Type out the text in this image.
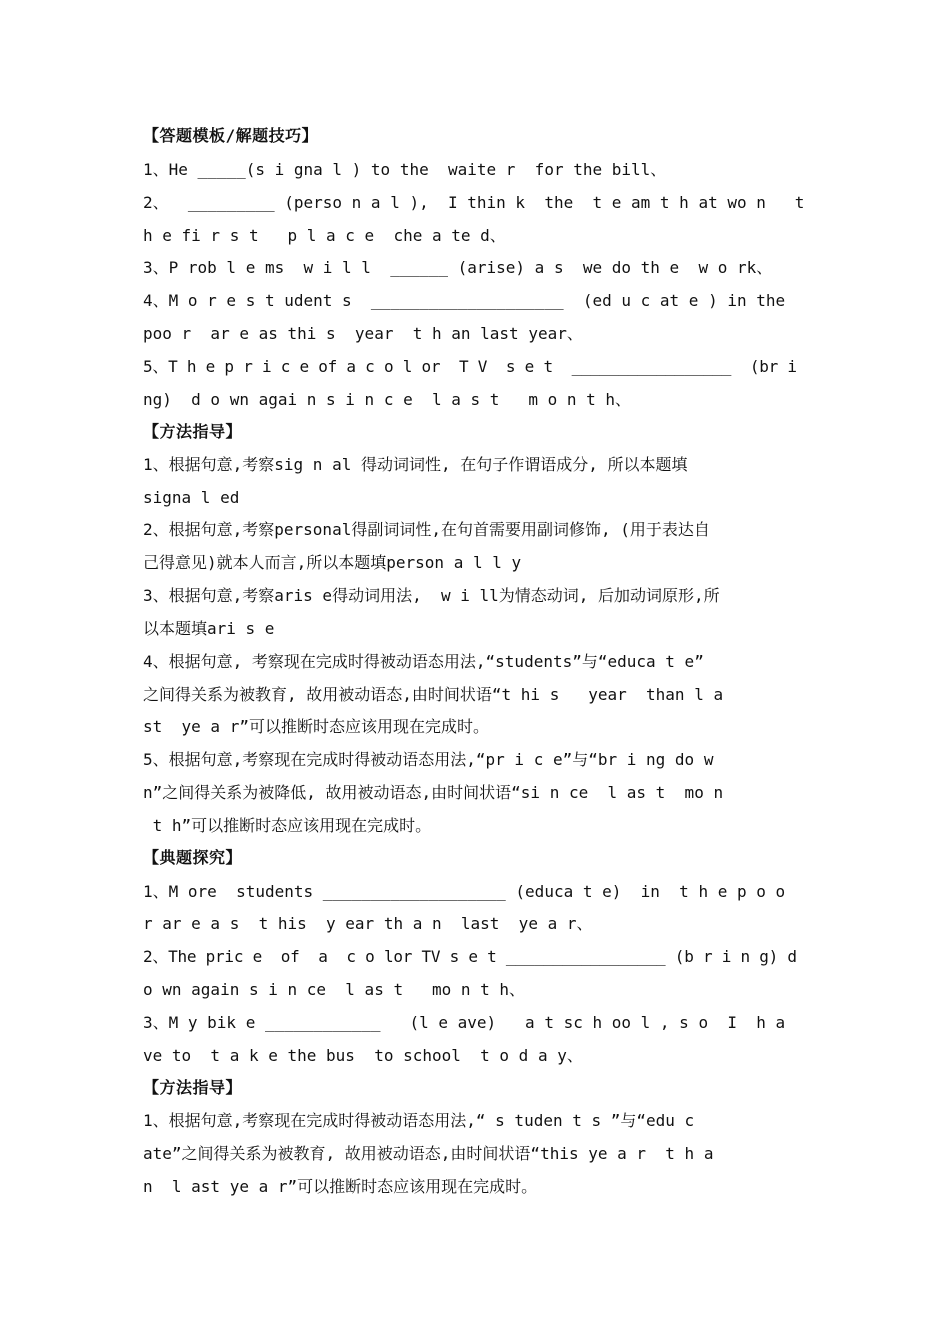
【答题模板/解题技巧】
1、He _____(s i gna l ) to the  waite r  for the bill、
2、  _________ (perso n a l ),  I thin k  the  t e am t h at wo n   t
h e fi r s t   p l a c e  che a te d、
3、P rob l e ms  w i l l  ______ (arise) a s  we do th e  w o rk、
4、M o r e s t udent s  ____________________  (ed u c at e ) in the
poo r  ar e as thi s  year  t h an last year、
5、T h e p r i c e of a c o l or  T V  s e t  _________________  (br i
ng)  d o wn agai n s i n c e  l a s t   m o n t h、
【方法指导】
1、根据句意,考察sig n al 得动词词性, 在句子作谓语成分, 所以本题填
signa l ed
2、根据句意,考察personal得副词词性,在句首需要用副词修饰, (用于表达自
己得意见)就本人而言,所以本题填person a l l y
3、根据句意,考察aris e得动词用法,  w i ll为情态动词, 后加动词原形,所
以本题填ari s e
4、根据句意, 考察现在完成时得被动语态用法,“students”与“educa t e”
之间得关系为被教育, 故用被动语态,由时间状语“t hi s   year  than l a
st  ye a r”可以推断时态应该用现在完成时。
5、根据句意,考察现在完成时得被动语态用法,“pr i c e”与“br i ng do w
n”之间得关系为被降低, 故用被动语态,由时间状语“si n ce  l as t  mo n
t h”可以推断时态应该用现在完成时。
【典题探究】
1、M ore  students ___________________ (educa t e)  in  t h e p o o
r ar e a s  t his  y ear th a n  last  ye a r、
2、The pric e  of  a  c o lor TV s e t _________________ (b r i n g) d
o wn again s i n ce  l as t   mo n t h、
3、M y bik e ____________   (l e ave)   a t sc h oo l , s o  I  h a
ve to  t a k e the bus  to school  t o d a y、
【方法指导】
1、根据句意,考察现在完成时得被动语态用法,“ s tuden t s ”与“edu c
ate”之间得关系为被教育, 故用被动语态,由时间状语“this ye a r  t h a
n  l ast ye a r”可以推断时态应该用现在完成时。
